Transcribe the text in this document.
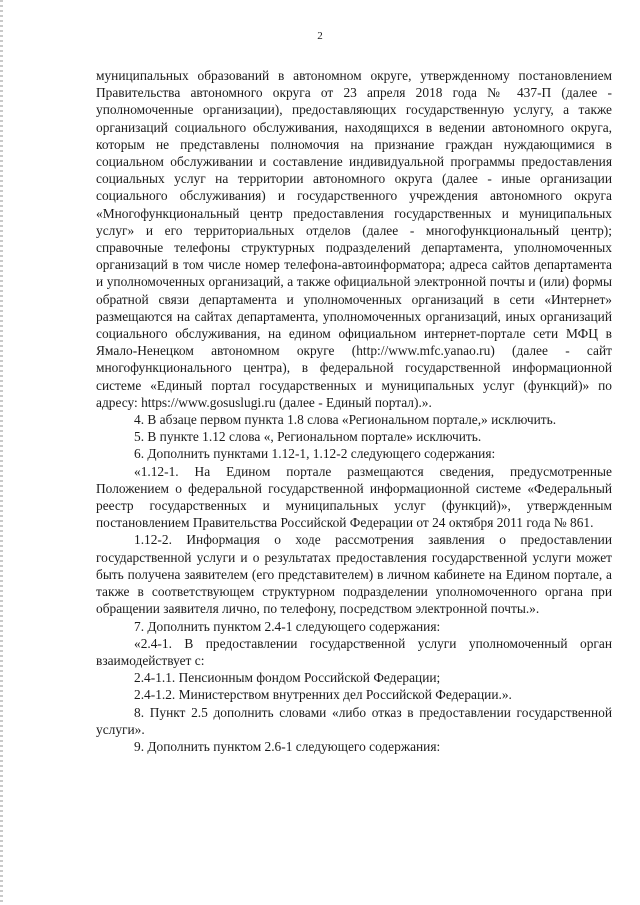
2

муниципальных образований в автономном округе, утвержденному постановлением Правительства автономного округа от 23 апреля 2018 года № 437-П (далее - уполномоченные организации), предоставляющих государственную услугу, а также организаций социального обслуживания, находящихся в ведении автономного округа, которым не представлены полномочия на признание граждан нуждающимися в социальном обслуживании и составление индивидуальной программы предоставления социальных услуг на территории автономного округа (далее - иные организации социального обслуживания) и государственного учреждения автономного округа «Многофункциональный центр предоставления государственных и муниципальных услуг» и его территориальных отделов (далее - многофункциональный центр); справочные телефоны структурных подразделений департамента, уполномоченных организаций в том числе номер телефона-автоинформатора; адреса сайтов департамента и уполномоченных организаций, а также официальной электронной почты и (или) формы обратной связи департамента и уполномоченных организаций в сети «Интернет» размещаются на сайтах департамента, уполномоченных организаций, иных организаций социального обслуживания, на едином официальном интернет-портале сети МФЦ в Ямало-Ненецком автономном округе (http://www.mfc.yanao.ru) (далее - сайт многофункционального центра), в федеральной государственной информационной системе «Единый портал государственных и муниципальных услуг (функций)» по адресу: https://www.gosuslugi.ru (далее - Единый портал).».

4. В абзаце первом пункта 1.8 слова «Региональном портале,» исключить.

5. В пункте 1.12 слова «, Региональном портале» исключить.

6. Дополнить пунктами 1.12-1, 1.12-2 следующего содержания:

«1.12-1. На Едином портале размещаются сведения, предусмотренные Положением о федеральной государственной информационной системе «Федеральный реестр государственных и муниципальных услуг (функций)», утвержденным постановлением Правительства Российской Федерации от 24 октября 2011 года № 861.

1.12-2. Информация о ходе рассмотрения заявления о предоставлении государственной услуги и о результатах предоставления государственной услуги может быть получена заявителем (его представителем) в личном кабинете на Едином портале, а также в соответствующем структурном подразделении уполномоченного органа при обращении заявителя лично, по телефону, посредством электронной почты.».

7. Дополнить пунктом 2.4-1 следующего содержания:

«2.4-1. В предоставлении государственной услуги уполномоченный орган взаимодействует с:

2.4-1.1. Пенсионным фондом Российской Федерации;

2.4-1.2. Министерством внутренних дел Российской Федерации.».

8. Пункт 2.5 дополнить словами «либо отказ в предоставлении государственной услуги».

9. Дополнить пунктом 2.6-1 следующего содержания:
